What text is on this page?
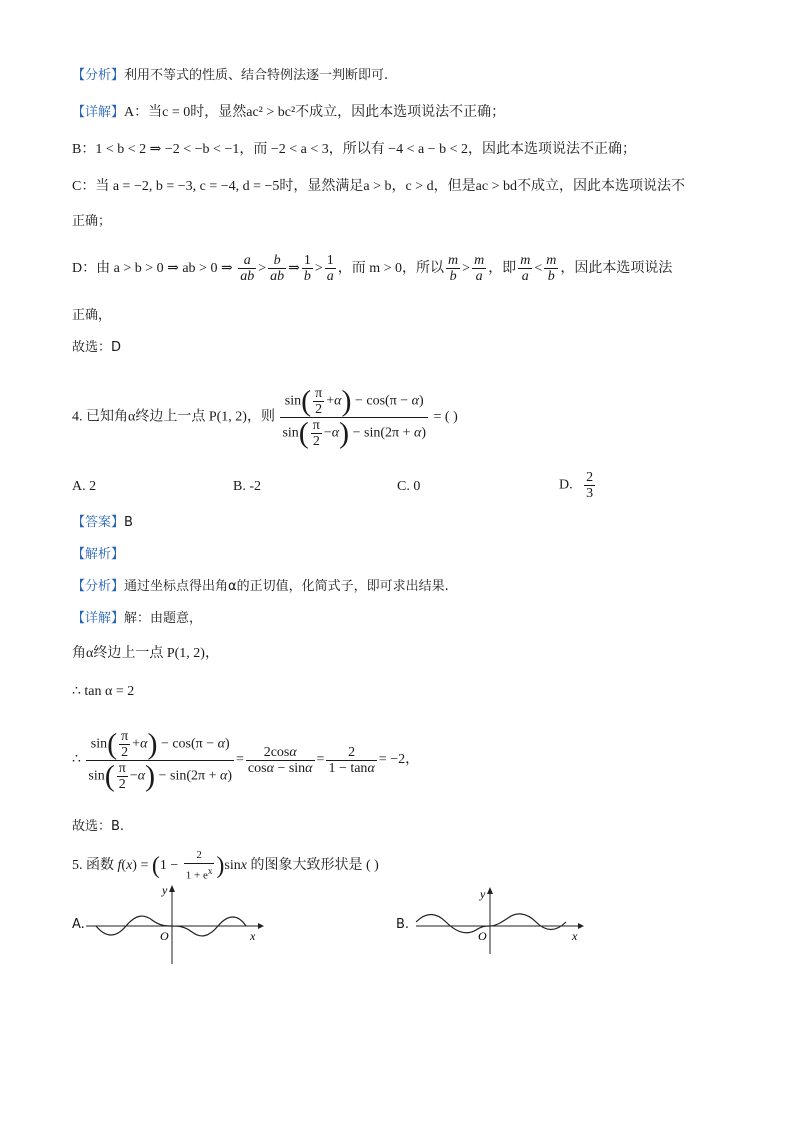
【分析】利用不等式的性质、结合特例法逐一判断即可.
【详解】A：当c = 0时，显然ac² > bc²不成立，因此本选项说法不正确；
B：1 < b < 2 ⇒ −2 < −b < −1，而 −2 < a < 3，所以有 −4 < a − b < 2，因此本选项说法不正确；
C：当 a = −2, b = −3, c = −4, d = −5时，显然满足a > b，c > d，但是ac > bd不成立，因此本选项说法不
正确；
D：由 a > b > 0 ⇒ ab > 0 ⇒ $\frac{a}{ab} > \frac{b}{ab}$ ⇒ $\frac{1}{b} > \frac{1}{a}$ ，而 m > 0，所以 $\frac{m}{b} > \frac{m}{a}$ ，即 $\frac{m}{a} < \frac{m}{b}$ ，因此本选项说法
正确，
故选：D
4. 已知角α终边上一点 P(1, 2)，则 $\frac{\sin( \frac{\pi}{2} +\alpha) - \cos(\pi - \alpha)}{\sin( \frac{\pi}{2} -\alpha) - \sin(2\pi + \alpha)}$ = ( )
A. 2	B. -2	C. 0	D. $\frac{2}{3}$
【答案】B
【解析】
【分析】通过坐标点得出角α的正切值，化简式子，即可求出结果.
【详解】解：由题意，
角α终边上一点 P(1, 2)，
∴ tan α = 2
∴ $\frac{\sin( \frac{\pi}{2} +\alpha) - \cos(\pi - \alpha)}{\sin( \frac{\pi}{2} -\alpha) - \sin(2\pi + \alpha)} = \frac{2\cos\alpha}{\cos\alpha - \sin\alpha} = \frac{2}{1 - \tan\alpha} = -2$，
故选：B.
5. 函数 $f(x) = (1 - \frac{2}{1 + e^x} )\sin x$ 的图象大致形状是 ( )
A.
y
x
O
B.
y
x
O
